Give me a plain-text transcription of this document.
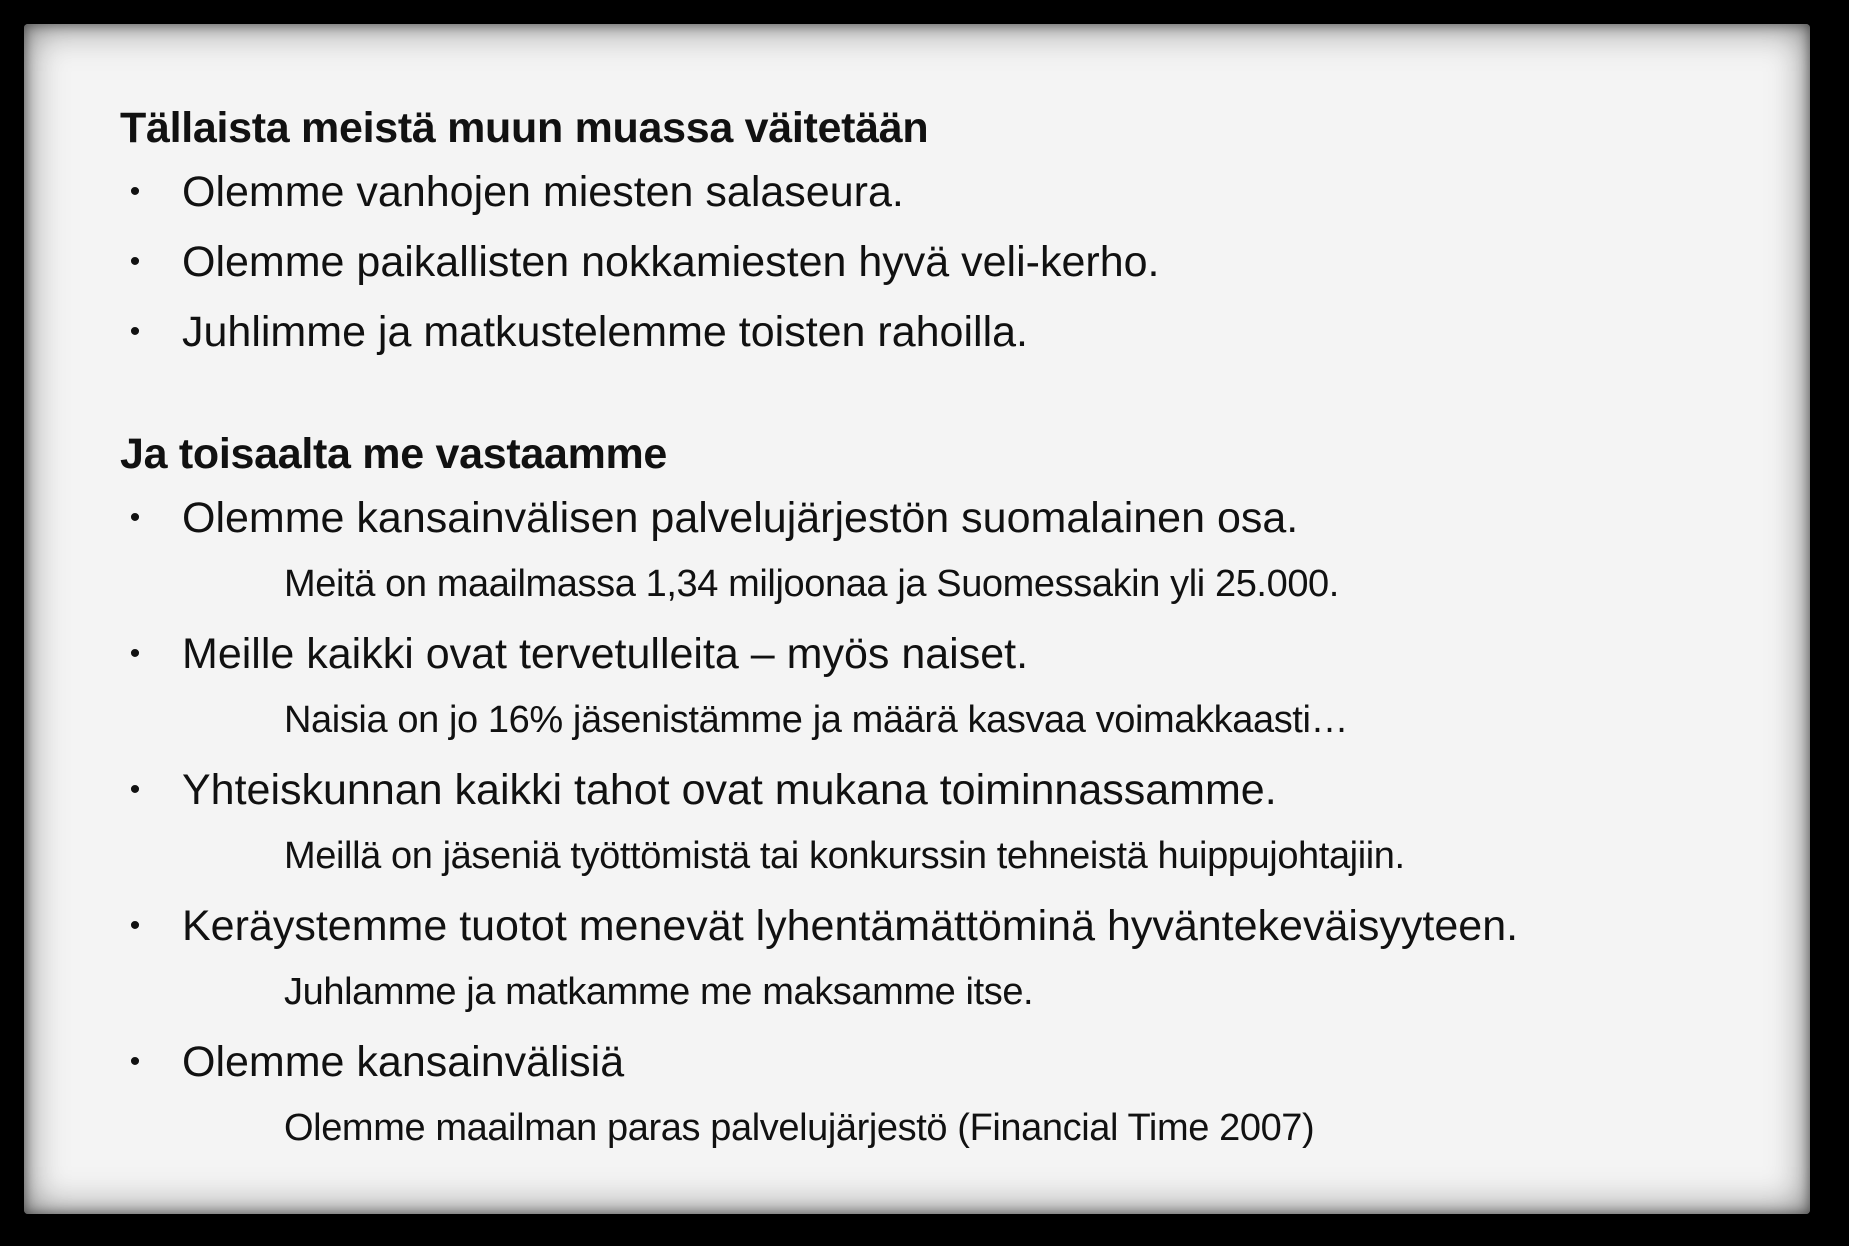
Tällaista meistä muun muassa väitetään
• Olemme vanhojen miesten salaseura.
• Olemme paikallisten nokkamiesten hyvä veli-kerho.
• Juhlimme ja matkustelemme toisten rahoilla.
Ja toisaalta me vastaamme
• Olemme kansainvälisen palvelujärjestön suomalainen osa.
Meitä on maailmassa 1,34 miljoonaa ja Suomessakin yli 25.000.
• Meille kaikki ovat tervetulleita – myös naiset.
Naisia on jo 16% jäsenistämme ja määrä kasvaa voimakkaasti…
• Yhteiskunnan kaikki tahot ovat mukana toiminnassamme.
Meillä on jäseniä työttömistä tai konkurssin tehneistä huippujohtajiin.
• Keräystemme tuotot menevät lyhentämättöminä hyväntekeväisyyteen.
Juhlamme ja matkamme me maksamme itse.
• Olemme kansainvälisiä
Olemme maailman paras palvelujärjestö (Financial Time 2007)
